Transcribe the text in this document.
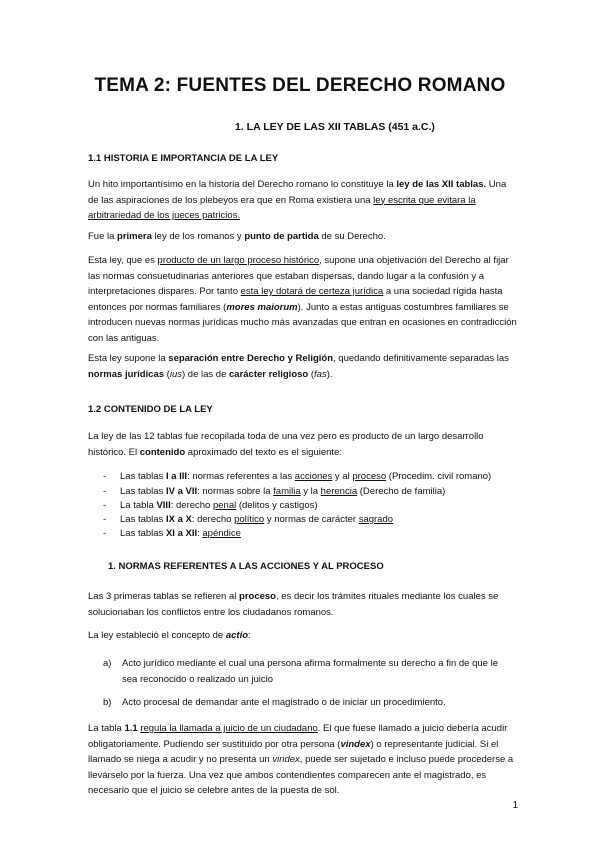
TEMA 2: FUENTES DEL DERECHO ROMANO
1. LA LEY DE LAS XII TABLAS (451 a.C.)
1.1 HISTORIA E IMPORTANCIA DE LA LEY

Un hito importantísimo en la historia del Derecho romano lo constituye la ley de las XII tablas. Una de las aspiraciones de los plebeyos era que en Roma existiera una ley escrita que evitara la arbitrariedad de los jueces patricios.

Fue la primera ley de los romanos y punto de partida de su Derecho.

Esta ley, que es producto de un largo proceso histórico, supone una objetivación del Derecho al fijar las normas consuetudinarias anteriores que estaban dispersas, dando lugar a la confusión y a interpretaciones dispares. Por tanto esta ley dotará de certeza jurídica a una sociedad rígida hasta entonces por normas familiares (mores maiorum). Junto a estas antiguas costumbres familiares se introducen nuevas normas jurídicas mucho más avanzadas que entran en ocasiones en contradicción con las antiguas.

Esta ley supone la separación entre Derecho y Religión, quedando definitivamente separadas las normas jurídicas (ius) de las de carácter religioso (fas).

1.2 CONTENIDO DE LA LEY

La ley de las 12 tablas fue recopilada toda de una vez pero es producto de un largo desarrollo histórico. El contenido aproximado del texto es el siguiente:

- Las tablas I a III: normas referentes a las acciones y al proceso (Procedim. civil romano)
- Las tablas IV a VII: normas sobre la familia y la herencia (Derecho de familia)
- La tabla VIII: derecho penal (delitos y castigos)
- Las tablas IX a X: derecho político y normas de carácter sagrado
- Las tablas XI a XII: apéndice
1. NORMAS REFERENTES A LAS ACCIONES Y AL PROCESO

Las 3 primeras tablas se refieren al proceso, es decir los trámites rituales mediante los cuales se solucionaban los conflictos entre los ciudadanos romanos.

La ley estableció el concepto de actio:

a) Acto jurídico mediante el cual una persona afirma formalmente su derecho a fin de que le sea reconocido o realizado un juicio
b) Acto procesal de demandar ante el magistrado o de iniciar un procedimiento.

La tabla 1.1 regula la llamada a juicio de un ciudadano. El que fuese llamado a juicio debería acudir obligatoriamente. Pudiendo ser sustituido por otra persona (vindex) o representante judicial. Si el llamado se niega a acudir y no presenta un vindex, puede ser sujetado e incluso puede procederse a llevárselo por la fuerza. Una vez que ambos contendientes comparecen ante el magistrado, es necesario que el juicio se celebre antes de la puesta de sol.

1
